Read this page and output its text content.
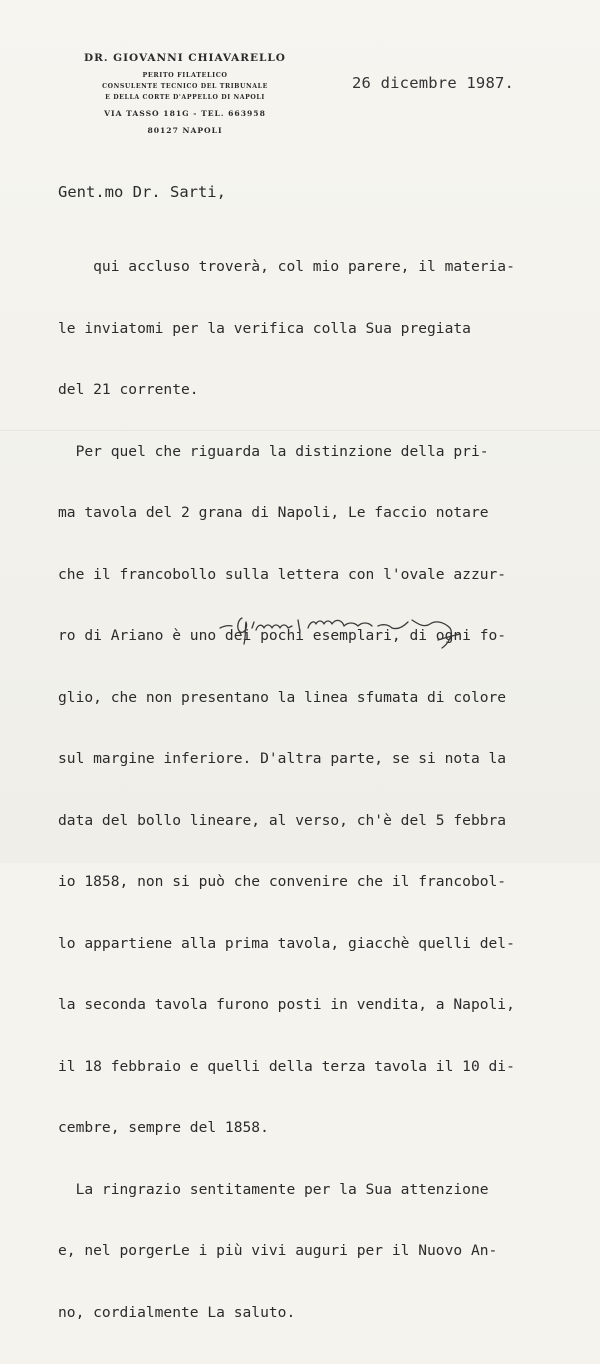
DR. GIOVANNI CHIAVARELLO
PERITO FILATELICO
CONSULENTE TECNICO DEL TRIBUNALE
E DELLA CORTE D'APPELLO DI NAPOLI
VIA TASSO 181G - TEL. 663958
80127 NAPOLI
26 dicembre 1987.
Gent.mo Dr. Sarti,

qui accluso troverà, col mio parere, il materia-

le inviatomi per la verifica colla Sua pregiata

del 21 corrente.

Per quel che riguarda la distinzione della pri-

ma tavola del 2 grana di Napoli, Le faccio notare

che il francobollo sulla lettera con l'ovale azzur-

ro di Ariano è uno dei pochi esemplari, di ogni fo-

glio, che non presentano la linea sfumata di colore

sul margine inferiore. D'altra parte, se si nota la

data del bollo lineare, al verso, ch'è del 5 febbra

io 1858, non si può che convenire che il francobol-

lo appartiene alla prima tavola, giacchè quelli del-

la seconda tavola furono posti in vendita, a Napoli,

il 18 febbraio e quelli della terza tavola il 10 di-

cembre, sempre del 1858.

La ringrazio sentitamente per la Sua attenzione

e, nel porgerLe i più vivi auguri per il Nuovo An-

no, cordialmente La saluto.
